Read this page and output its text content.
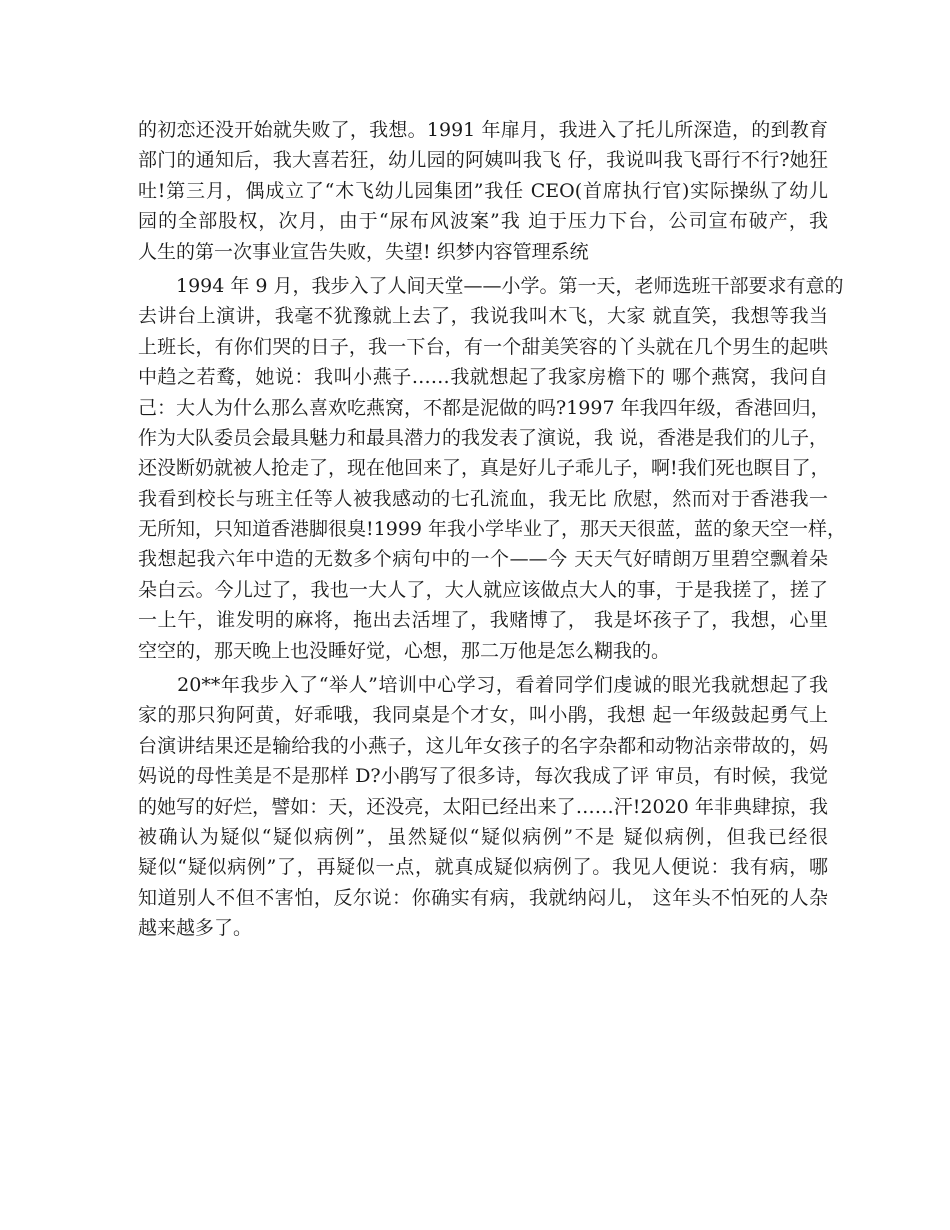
的初恋还没开始就失败了，我想。1991 年扉月，我进入了托儿所深造，的到教育
部门的通知后，我大喜若狂，幼儿园的阿姨叫我飞 仔，我说叫我飞哥行不行?她狂
吐!第三月，偶成立了“木飞幼儿园集团”我任 CEO(首席执行官)实际操纵了幼儿
园的全部股权，次月，由于“尿布风波案”我 迫于压力下台，公司宣布破产，我
人生的第一次事业宣告失败，失望! 织梦内容管理系统
　　1994 年 9 月，我步入了人间天堂——小学。第一天，老师选班干部要求有意的
去讲台上演讲，我毫不犹豫就上去了，我说我叫木飞，大家 就直笑，我想等我当
上班长，有你们哭的日子，我一下台，有一个甜美笑容的丫头就在几个男生的起哄
中趋之若鹜，她说：我叫小燕子……我就想起了我家房檐下的 哪个燕窝，我问自
己：大人为什么那么喜欢吃燕窝，不都是泥做的吗?1997 年我四年级，香港回归，
作为大队委员会最具魅力和最具潜力的我发表了演说，我 说，香港是我们的儿子，
还没断奶就被人抢走了，现在他回来了，真是好儿子乖儿子，啊!我们死也瞑目了，
我看到校长与班主任等人被我感动的七孔流血，我无比 欣慰，然而对于香港我一
无所知，只知道香港脚很臭!1999 年我小学毕业了，那天天很蓝，蓝的象天空一样，
我想起我六年中造的无数多个病句中的一个——今 天天气好晴朗万里碧空飘着朵
朵白云。今儿过了，我也一大人了，大人就应该做点大人的事，于是我搓了，搓了
一上午，谁发明的麻将，拖出去活埋了，我赌博了， 我是坏孩子了，我想，心里
空空的，那天晚上也没睡好觉，心想，那二万他是怎么糊我的。
　　20**年我步入了“举人”培训中心学习，看着同学们虔诚的眼光我就想起了我
家的那只狗阿黄，好乖哦，我同桌是个才女，叫小鹃，我想 起一年级鼓起勇气上
台演讲结果还是输给我的小燕子，这儿年女孩子的名字杂都和动物沾亲带故的，妈
妈说的母性美是不是那样 D?小鹃写了很多诗，每次我成了评 审员，有时候，我觉
的她写的好烂，譬如：天，还没亮，太阳已经出来了……汗!2020 年非典肆掠，我
被确认为疑似“疑似病例”，虽然疑似“疑似病例”不是 疑似病例，但我已经很
疑似“疑似病例”了，再疑似一点，就真成疑似病例了。我见人便说：我有病，哪
知道别人不但不害怕，反尔说：你确实有病，我就纳闷儿， 这年头不怕死的人杂
越来越多了。
